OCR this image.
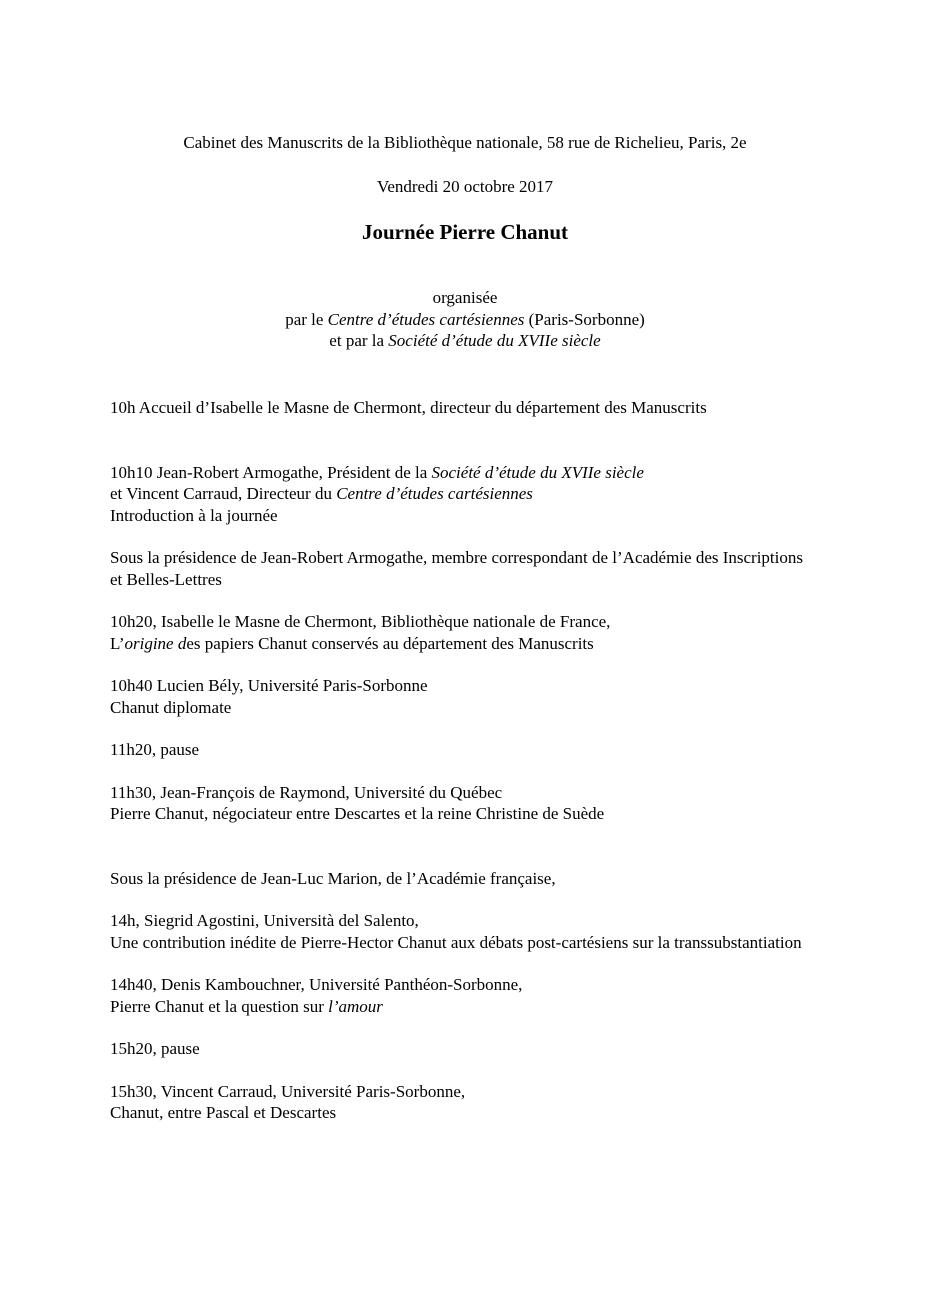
Cabinet des Manuscrits de la Bibliothèque nationale, 58 rue de Richelieu, Paris, 2e
Vendredi 20 octobre 2017
Journée Pierre Chanut
organisée
par le Centre d’études cartésiennes (Paris-Sorbonne)
et par la Société d’étude du XVIIe siècle
10h Accueil d’Isabelle le Masne de Chermont, directeur du département des Manuscrits
10h10 Jean-Robert Armogathe, Président de la Société d’étude du XVIIe siècle
et Vincent Carraud, Directeur du Centre d’études cartésiennes
Introduction à la journée
Sous la présidence de Jean-Robert Armogathe, membre correspondant de l’Académie des Inscriptions et Belles-Lettres
10h20, Isabelle le Masne de Chermont, Bibliothèque nationale de France,
L’origine des papiers Chanut conservés au département des Manuscrits
10h40 Lucien Bély, Université Paris-Sorbonne
Chanut diplomate
11h20, pause
11h30, Jean-François de Raymond, Université du Québec
Pierre Chanut, négociateur entre Descartes et la reine Christine de Suède
Sous la présidence de Jean-Luc Marion, de l’Académie française,
14h, Siegrid Agostini, Università del Salento,
Une contribution inédite de Pierre-Hector Chanut aux débats post-cartésiens sur la transsubstantiation
14h40, Denis Kambouchner, Université Panthéon-Sorbonne,
Pierre Chanut et la question sur l’amour
15h20, pause
15h30, Vincent Carraud, Université Paris-Sorbonne,
Chanut, entre Pascal et Descartes
